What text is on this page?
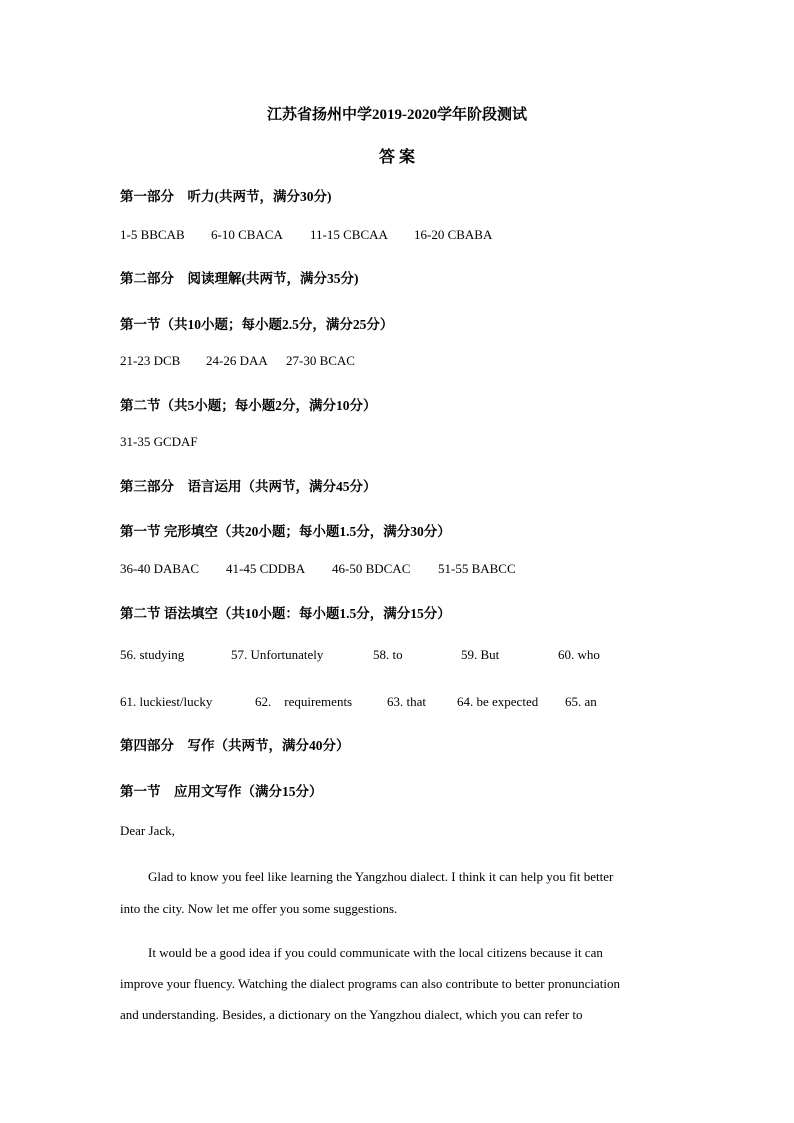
江苏省扬州中学2019-2020学年阶段测试
答 案
第一部分　听力(共两节，满分30分)
1-5 BBCAB 6-10 CBACA 11-15 CBCAA 16-20 CBABA
第二部分　阅读理解(共两节，满分35分)
第一节（共10小题；每小题2.5分，满分25分）
21-23 DCB 24-26 DAA 27-30 BCAC
第二节（共5小题；每小题2分，满分10分）
31-35 GCDAF
第三部分　语言运用（共两节，满分45分）
第一节 完形填空（共20小题；每小题1.5分，满分30分）
36-40 DABAC 41-45 CDDBA 46-50 BDCAC 51-55 BABCC
第二节 语法填空（共10小题：每小题1.5分，满分15分）
56. studying	57. Unfortunately	58. to	59. But	60. who
61. luckiest/lucky	62.　requirements	63. that 64. be expected 65. an
第四部分　写作（共两节，满分40分）
第一节　应用文写作（满分15分）
Dear Jack,
Glad to know you feel like learning the Yangzhou dialect. I think it can help you fit better
into the city. Now let me offer you some suggestions.
It would be a good idea if you could communicate with the local citizens because it can
improve your fluency. Watching the dialect programs can also contribute to better pronunciation
and understanding. Besides, a dictionary on the Yangzhou dialect, which you can refer to
